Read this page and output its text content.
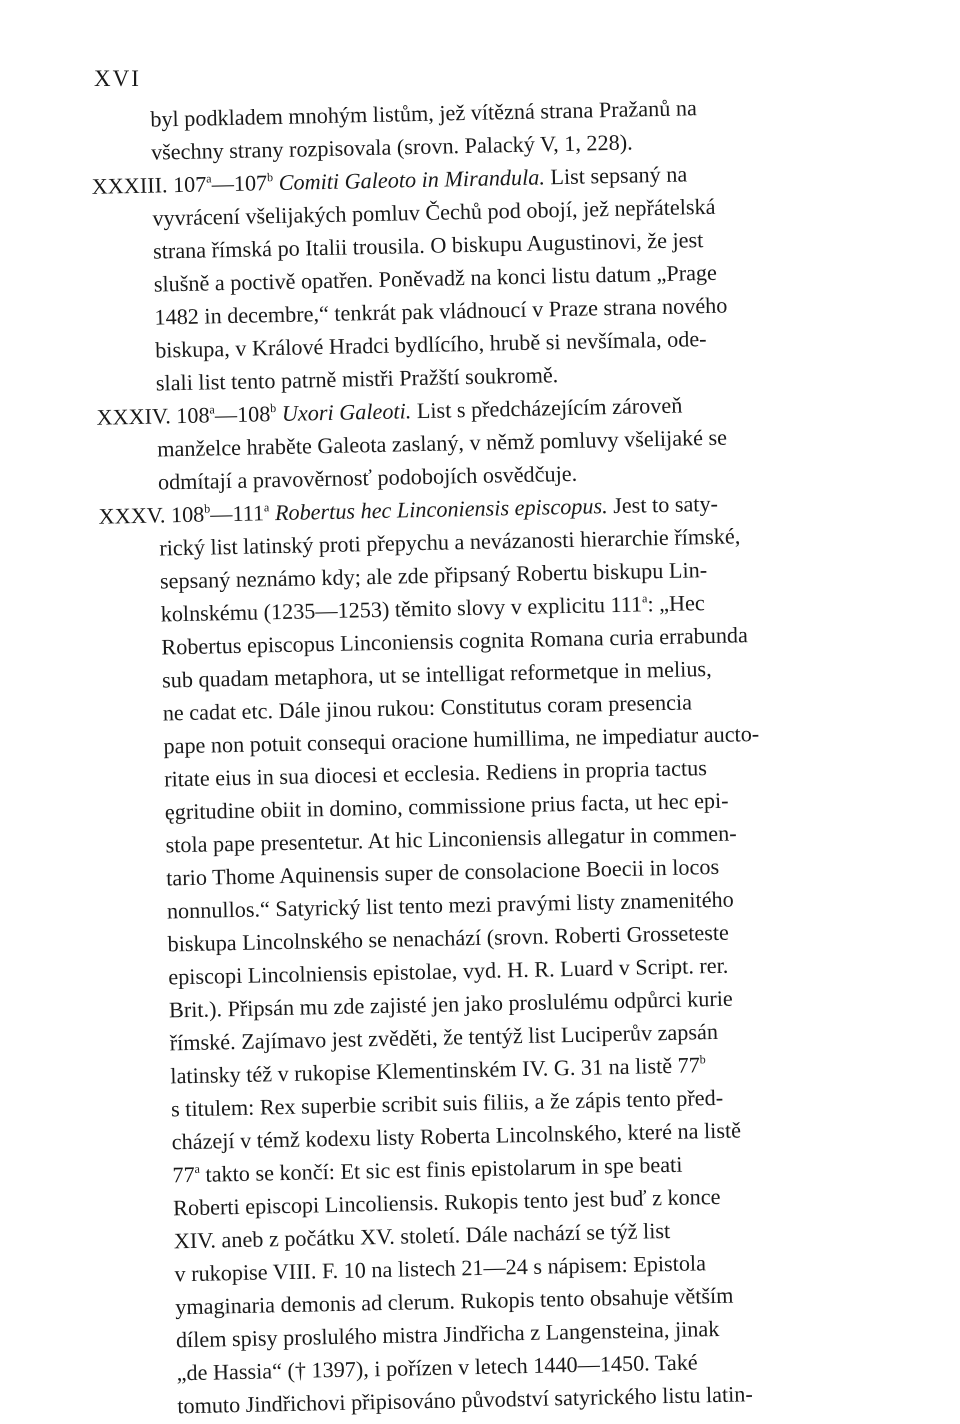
XVI
byl podkladem mnohým listům, jež vítězná strana Pražanů na
všechny strany rozpisovala (srovn. Palacký V, 1, 228).
XXXIII. 107$^a$—107$^b$ Comiti Galeoto in Mirandula. List sepsaný na
vyvrácení všelijakých pomluv Čechů pod obojí, jež nepřátelská
strana římská po Italii trousila. O biskupu Augustinovi, že jest
slušně a poctivě opatřen. Poněvadž na konci listu datum „Prage
1482 in decembre,“ tenkrát pak vládnoucí v Praze strana nového
biskupa, v Králové Hradci bydlícího, hrubě si nevšímala, ode-
slali list tento patrně mistři Pražští soukromě.
XXXIV. 108$^a$—108$^b$ Uxori Galeoti. List s předcházejícím zároveň
manželce hraběte Galeota zaslaný, v němž pomluvy všelijaké se
odmítají a pravověrnosť podobojích osvědčuje.
XXXV. 108$^b$—111$^a$ Robertus hec Linconiensis episcopus. Jest to saty-
rický list latinský proti přepychu a nevázanosti hierarchie římské,
sepsaný neznámo kdy; ale zde připsaný Robertu biskupu Lin-
kolnskému (1235—1253) těmito slovy v explicitu 111$^a$: „Hec
Robertus episcopus Linconiensis cognita Romana curia errabunda
sub quadam metaphora, ut se intelligat reformetque in melius,
ne cadat etc. Dále jinou rukou: Constitutus coram presencia
pape non potuit consequi oracione humillima, ne impediatur aucto-
ritate eius in sua diocesi et ecclesia. Rediens in propria tactus
ęgritudine obiit in domino, commissione prius facta, ut hec epi-
stola pape presentetur. At hic Linconiensis allegatur in commen-
tario Thome Aquinensis super de consolacione Boecii in locos
nonnullos.“ Satyrický list tento mezi pravými listy znamenitého
biskupa Lincolnského se nenachází (srovn. Roberti Grosseteste
episcopi Lincolniensis epistolae, vyd. H. R. Luard v Script. rer.
Brit.). Připsán mu zde zajisté jen jako proslulému odpůrci kurie
římské. Zajímavo jest zvěděti, že tentýž list Luciperův zapsán
latinsky též v rukopise Klementinském IV. G. 31 na listě 77$^b$
s titulem: Rex superbie scribit suis filiis, a že zápis tento před-
cházejí v témž kodexu listy Roberta Lincolnského, které na listě
77$^a$ takto se končí: Et sic est finis epistolarum in spe beati
Roberti episcopi Lincoliensis. Rukopis tento jest buď z konce
XIV. aneb z počátku XV. století. Dále nachází se týž list
v rukopise VIII. F. 10 na listech 21—24 s nápisem: Epistola
ymaginaria demonis ad clerum. Rukopis tento obsahuje větším
dílem spisy proslulého mistra Jindřicha z Langensteina, jinak
„de Hassia“ († 1397), i pořízen v letech 1440—1450. Také
tomuto Jindřichovi připisováno původství satyrického listu latin-
